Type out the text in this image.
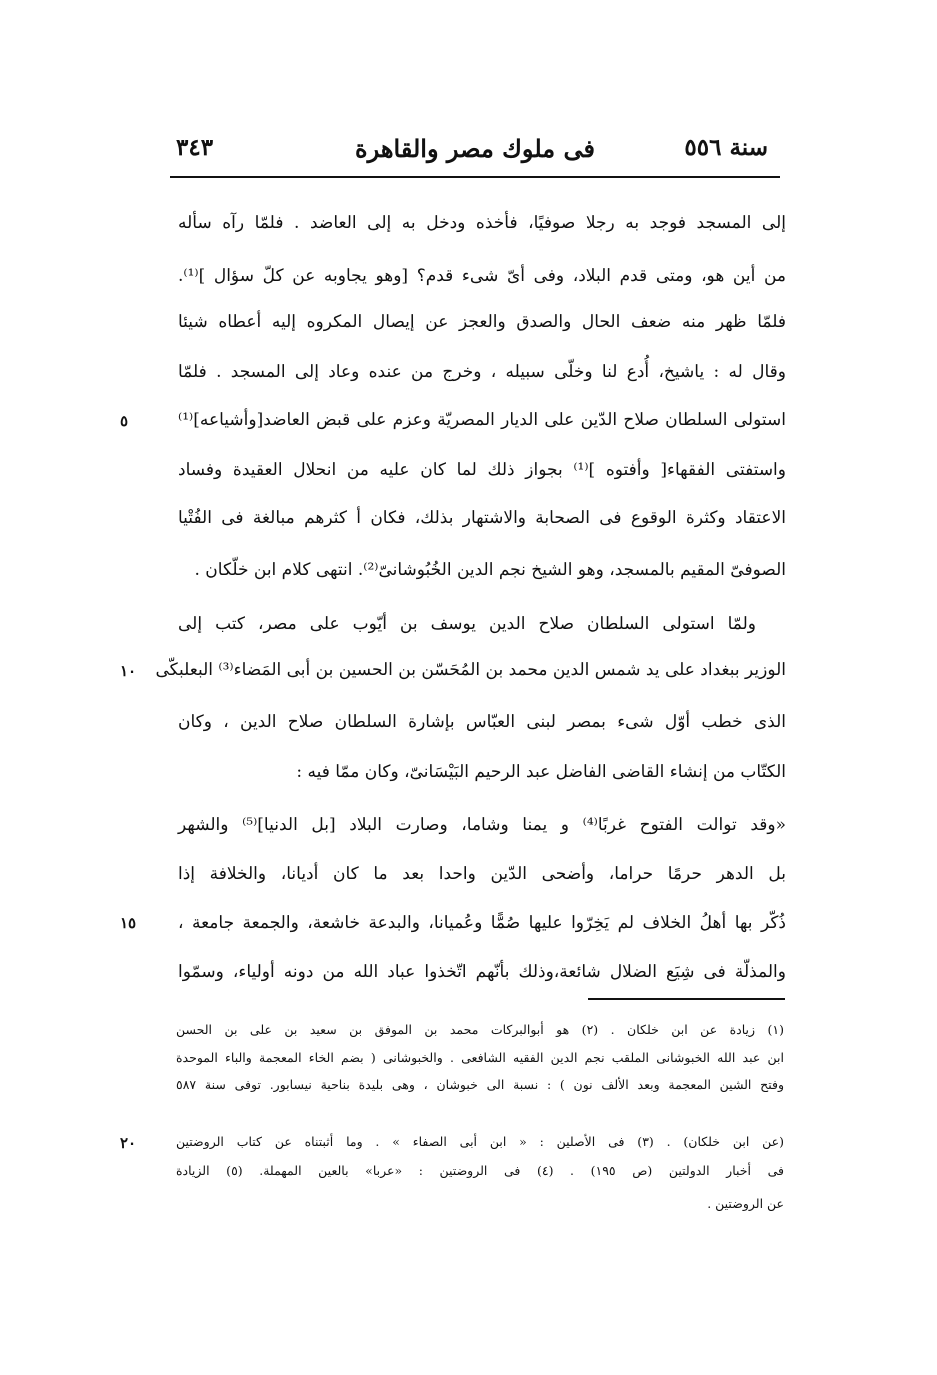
سنة ٥٥٦
فى ملوك مصر والقاهرة
٣٤٣
إلى المسجد فوجد به رجلا صوفيًا، فأخذه ودخل به إلى العاضد . فلمّا رآه سأله
من أين هو، ومتى قدم البلاد، وفى أىّ شىء قدم؟ [وهو يجاوبه عن كلّ سؤال ]⁽¹⁾.
فلمّا ظهر منه ضعف الحال والصدق والعجز عن إيصال المكروه إليه أعطاه شيئا
وقال له : ياشيخ، أُدع لنا وخلّى سبيله ، وخرج من عنده وعاد إلى المسجد . فلمّا
استولى السلطان صلاح الدّين على الديار المصريّة وعزم على قبض العاضد[وأشياعه]⁽¹⁾
واستفتى الفقهاء[ وأفتوه ]⁽¹⁾ بجواز ذلك لما كان عليه من انحلال العقيدة وفساد
الاعتقاد وكثرة الوقوع فى الصحابة والاشتهار بذلك، فكان أ كثرهم مبالغة فى الفُتْيا
الصوفىّ المقيم بالمسجد، وهو الشيخ نجم الدين الخُبُوشانىّ⁽²⁾. انتهى كلام ابن خلّكان .
ولمّا استولى السلطان صلاح الدين يوسف بن أيّوب على مصر، كتب إلى
الوزير ببغداد على يد شمس الدين محمد بن المُحَسّن بن الحسين بن أبى المَضاء⁽³⁾ البعلبكّى
الذى خطب أوّل شىء بمصر لبنى العبّاس بإشارة السلطان صلاح الدين ، وكان
الكتّاب من إنشاء القاضى الفاضل عبد الرحيم البَيْسَانىّ، وكان ممّا فيه :
«وقد توالت الفتوح غربًا⁽⁴⁾ و يمنا وشاما، وصارت البلاد [بل الدنيا]⁽⁵⁾ والشهر
بل الدهر حرمًا حراما، وأضحى الدّين واحدا بعد ما كان أديانا، والخلافة إذا
ذُكّر بها أهلُ الخلاف لم يَخِرّوا عليها صُمًّا وعُميانا، والبدعة خاشعة، والجمعة جامعة ،
والمذلّة فى شِيَع الضلال شائعة،وذلك بأنّهم اتّخذوا عباد الله من دونه أولياء، وسمّوا
٥
١٠
١٥
٢٠
(١) زيادة عن ابن خلكان . (٢) هو أبوالبركات محمد بن الموفق بن سعيد بن على بن الحسن
ابن عبد الله الخبوشانى الملقب نجم الدين الفقيه الشافعى . والخبوشانى ( بضم الخاء المعجمة والباء الموحدة
وفتح الشين المعجمة وبعد الألف نون ) : نسبة الى خبوشان ، وهى بليدة بناحية نيسابور. توفى سنة ٥٨٧
(عن ابن خلكان) . (٣) فى الأصلين : « ابن أبى الصفاء » . وما أثبتناه عن كتاب الروضتين
فى أخبار الدولتين (ص ١٩٥) . (٤) فى الروضتين : «عربا» بالعين المهملة. (٥) الزيادة
عن الروضتين .
